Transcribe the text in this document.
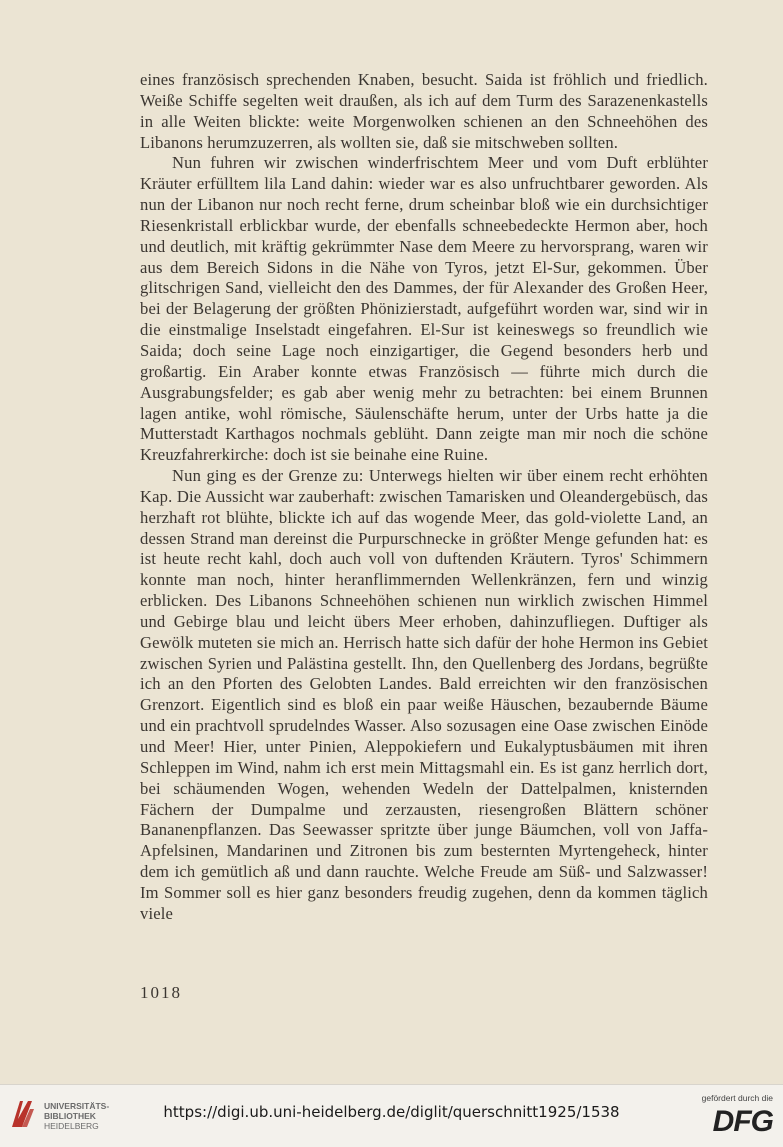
eines französisch sprechenden Knaben, besucht. Saida ist fröhlich und friedlich. Weiße Schiffe segelten weit draußen, als ich auf dem Turm des Sarazenenkastells in alle Weiten blickte: weite Morgenwolken schienen an den Schneehöhen des Libanons herumzuzerren, als wollten sie, daß sie mitschweben sollten.

Nun fuhren wir zwischen winderfrischtem Meer und vom Duft erblühter Kräuter erfülltem lila Land dahin: wieder war es also unfruchtbarer geworden. Als nun der Libanon nur noch recht ferne, drum scheinbar bloß wie ein durchsichtiger Riesenkristall erblickbar wurde, der ebenfalls schneebedeckte Hermon aber, hoch und deutlich, mit kräftig gekrümmter Nase dem Meere zu hervorsprang, waren wir aus dem Bereich Sidons in die Nähe von Tyros, jetzt El-Sur, gekommen. Über glitschrigen Sand, vielleicht den des Dammes, der für Alexander des Großen Heer, bei der Belagerung der größten Phönizierstadt, aufgeführt worden war, sind wir in die einstmalige Inselstadt eingefahren. El-Sur ist keineswegs so freundlich wie Saida; doch seine Lage noch einzigartiger, die Gegend besonders herb und großartig. Ein Araber konnte etwas Französisch — führte mich durch die Ausgrabungsfelder; es gab aber wenig mehr zu betrachten: bei einem Brunnen lagen antike, wohl römische, Säulenschäfte herum, unter der Urbs hatte ja die Mutterstadt Karthagos nochmals geblüht. Dann zeigte man mir noch die schöne Kreuzfahrerkirche: doch ist sie beinahe eine Ruine.

Nun ging es der Grenze zu: Unterwegs hielten wir über einem recht erhöhten Kap. Die Aussicht war zauberhaft: zwischen Tamarisken und Oleandergebüsch, das herzhaft rot blühte, blickte ich auf das wogende Meer, das gold-violette Land, an dessen Strand man dereinst die Purpurschnecke in größter Menge gefunden hat: es ist heute recht kahl, doch auch voll von duftenden Kräutern. Tyros' Schimmern konnte man noch, hinter heranflimmernden Wellenkränzen, fern und winzig erblicken. Des Libanons Schneehöhen schienen nun wirklich zwischen Himmel und Gebirge blau und leicht übers Meer erhoben, dahinzufliegen. Duftiger als Gewölk muteten sie mich an. Herrisch hatte sich dafür der hohe Hermon ins Gebiet zwischen Syrien und Palästina gestellt. Ihn, den Quellenberg des Jordans, begrüßte ich an den Pforten des Gelobten Landes. Bald erreichten wir den französischen Grenzort. Eigentlich sind es bloß ein paar weiße Häuschen, bezaubernde Bäume und ein prachtvoll sprudelndes Wasser. Also sozusagen eine Oase zwischen Einöde und Meer! Hier, unter Pinien, Aleppokiefern und Eukalyptusbäumen mit ihren Schleppen im Wind, nahm ich erst mein Mittagsmahl ein. Es ist ganz herrlich dort, bei schäumenden Wogen, wehenden Wedeln der Dattelpalmen, knisternden Fächern der Dumpalme und zerzausten, riesengroßen Blättern schöner Bananenpflanzen. Das Seewasser spritzte über junge Bäumchen, voll von Jaffa-Apfelsinen, Mandarinen und Zitronen bis zum besternten Myrtengeheck, hinter dem ich gemütlich aß und dann rauchte. Welche Freude am Süß- und Salzwasser! Im Sommer soll es hier ganz besonders freudig zugehen, denn da kommen täglich viele

1018
UNIVERSITÄTS-
BIBLIOTHEK
HEIDELBERG
https://digi.ub.uni-heidelberg.de/diglit/querschnitt1925/1538
gefördert durch die
DFG
